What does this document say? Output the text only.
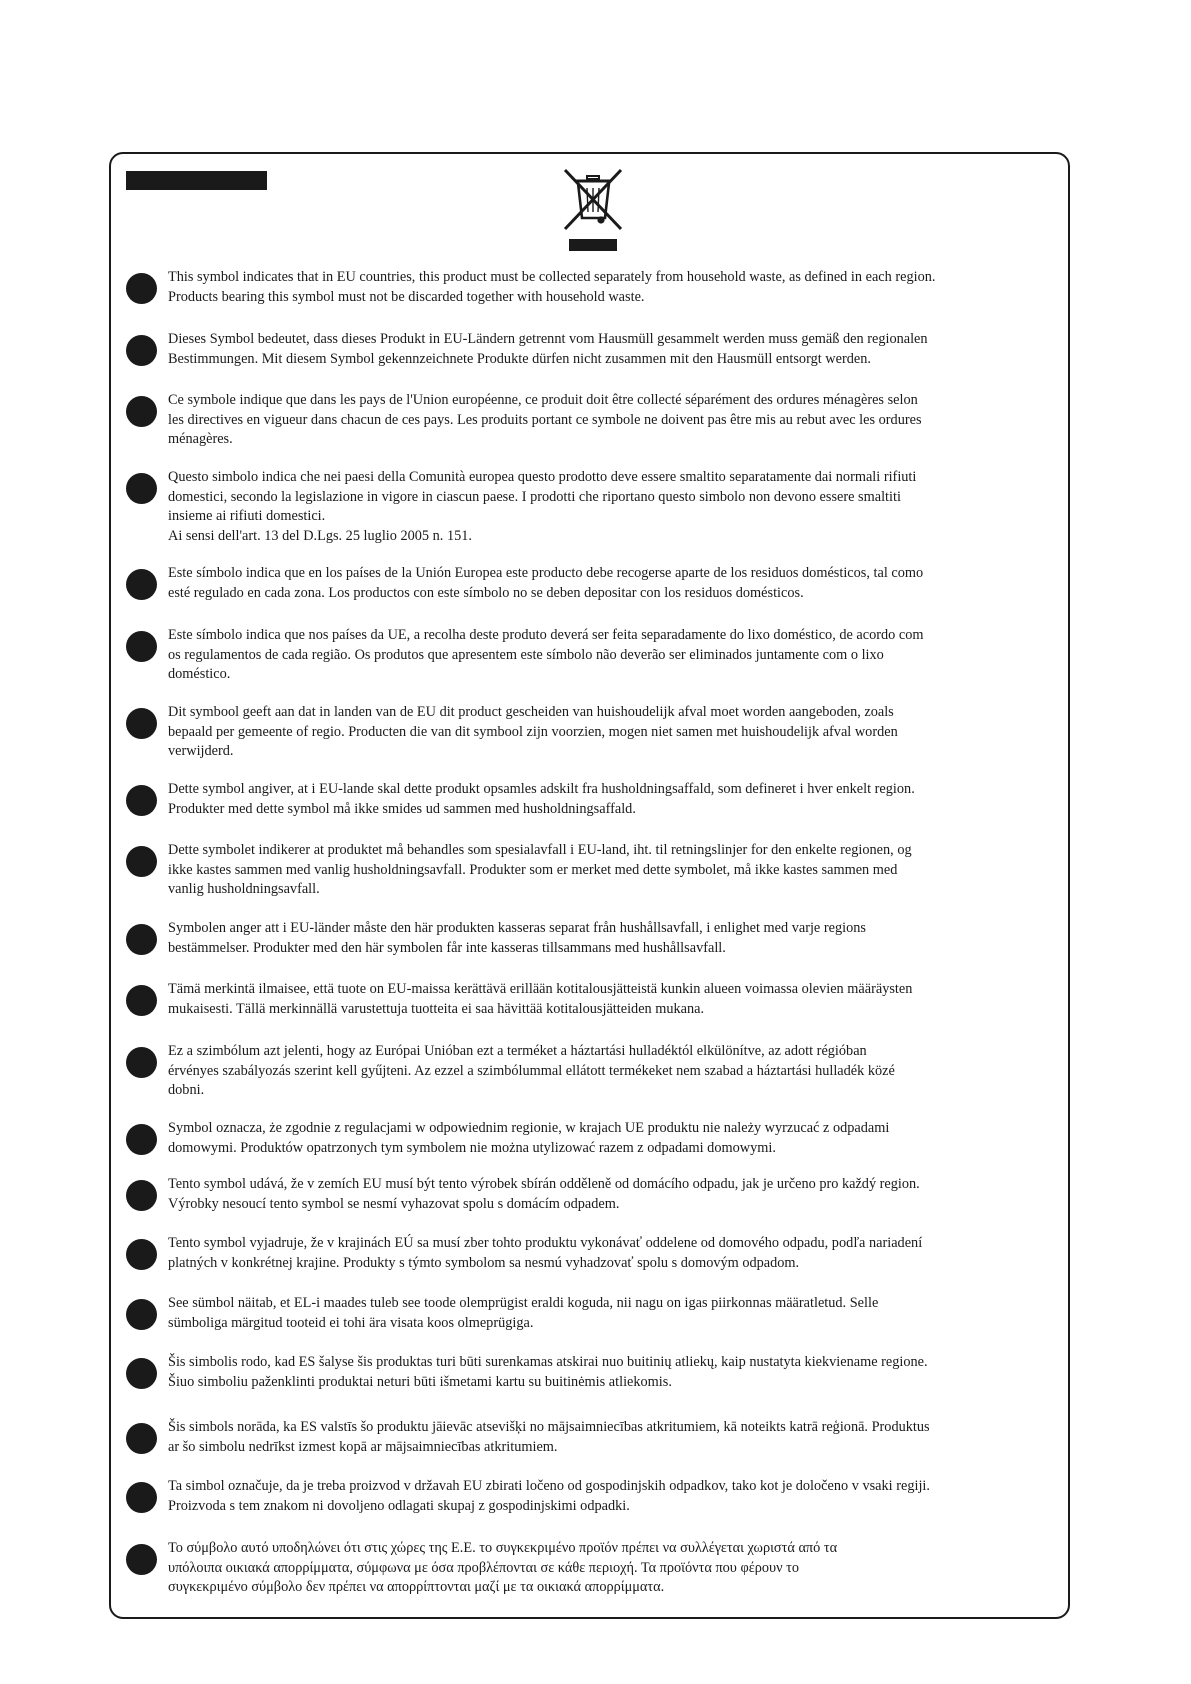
This symbol indicates that in EU countries, this product must be collected separately from household waste, as defined in each region.
Products bearing this symbol must not be discarded together with household waste.
Dieses Symbol bedeutet, dass dieses Produkt in EU-Ländern getrennt vom Hausmüll gesammelt werden muss gemäß den regionalen
Bestimmungen. Mit diesem Symbol gekennzeichnete Produkte dürfen nicht zusammen mit den Hausmüll entsorgt werden.
Ce symbole indique que dans les pays de l'Union européenne, ce produit doit être collecté séparément des ordures ménagères selon
les directives en vigueur dans chacun de ces pays. Les produits portant ce symbole ne doivent pas être mis au rebut avec les ordures
ménagères.
Questo simbolo indica che nei paesi della Comunità europea questo prodotto deve essere smaltito separatamente dai normali rifiuti
domestici, secondo la legislazione in vigore in ciascun paese. I prodotti che riportano questo simbolo non devono essere smaltiti
insieme ai rifiuti domestici.
Ai sensi dell'art. 13 del D.Lgs. 25 luglio 2005 n. 151.
Este símbolo indica que en los países de la Unión Europea este producto debe recogerse aparte de los residuos domésticos, tal como
esté regulado en cada zona. Los productos con este símbolo no se deben depositar con los residuos domésticos.
Este símbolo indica que nos países da UE, a recolha deste produto deverá ser feita separadamente do lixo doméstico, de acordo com
os regulamentos de cada região. Os produtos que apresentem este símbolo não deverão ser eliminados juntamente com o lixo
doméstico.
Dit symbool geeft aan dat in landen van de EU dit product gescheiden van huishoudelijk afval moet worden aangeboden, zoals
bepaald per gemeente of regio. Producten die van dit symbool zijn voorzien, mogen niet samen met huishoudelijk afval worden
verwijderd.
Dette symbol angiver, at i EU-lande skal dette produkt opsamles adskilt fra husholdningsaffald, som defineret i hver enkelt region.
Produkter med dette symbol må ikke smides ud sammen med husholdningsaffald.
Dette symbolet indikerer at produktet må behandles som spesialavfall i EU-land, iht. til retningslinjer for den enkelte regionen, og
ikke kastes sammen med vanlig husholdningsavfall. Produkter som er merket med dette symbolet, må ikke kastes sammen med
vanlig husholdningsavfall.
Symbolen anger att i EU-länder måste den här produkten kasseras separat från hushållsavfall, i enlighet med varje regions
bestämmelser. Produkter med den här symbolen får inte kasseras tillsammans med hushållsavfall.
Tämä merkintä ilmaisee, että tuote on EU-maissa kerättävä erillään kotitalousjätteistä kunkin alueen voimassa olevien määräysten
mukaisesti. Tällä merkinnällä varustettuja tuotteita ei saa hävittää kotitalousjätteiden mukana.
Ez a szimbólum azt jelenti, hogy az Európai Unióban ezt a terméket a háztartási hulladéktól elkülönítve, az adott régióban
érvényes szabályozás szerint kell gyűjteni. Az ezzel a szimbólummal ellátott termékeket nem szabad a háztartási hulladék közé
dobni.
Symbol oznacza, że zgodnie z regulacjami w odpowiednim regionie, w krajach UE produktu nie należy wyrzucać z odpadami
domowymi. Produktów opatrzonych tym symbolem nie można utylizować razem z odpadami domowymi.
Tento symbol udává, že v zemích EU musí být tento výrobek sbírán odděleně od domácího odpadu, jak je určeno pro každý region.
Výrobky nesoucí tento symbol se nesmí vyhazovat spolu s domácím odpadem.
Tento symbol vyjadruje, že v krajinách EÚ sa musí zber tohto produktu vykonávať oddelene od domového odpadu, podľa nariadení
platných v konkrétnej krajine. Produkty s týmto symbolom sa nesmú vyhadzovať spolu s domovým odpadom.
See sümbol näitab, et EL-i maades tuleb see toode olemprügist eraldi koguda, nii nagu on igas piirkonnas määratletud. Selle
sümboliga märgitud tooteid ei tohi ära visata koos olmeprügiga.
Šis simbolis rodo, kad ES šalyse šis produktas turi būti surenkamas atskirai nuo buitinių atliekų, kaip nustatyta kiekviename regione.
Šiuo simboliu paženklinti produktai neturi būti išmetami kartu su buitinėmis atliekomis.
Šis simbols norāda, ka ES valstīs šo produktu jāievāc atsevišķi no mājsaimniecības atkritumiem, kā noteikts katrā reģionā. Produktus
ar šo simbolu nedrīkst izmest kopā ar mājsaimniecības atkritumiem.
Ta simbol označuje, da je treba proizvod v državah EU zbirati ločeno od gospodinjskih odpadkov, tako kot je določeno v vsaki regiji.
Proizvoda s tem znakom ni dovoljeno odlagati skupaj z gospodinjskimi odpadki.
Το σύμβολο αυτό υποδηλώνει ότι στις χώρες της Ε.Ε. το συγκεκριμένο προϊόν πρέπει να συλλέγεται χωριστά από τα
υπόλοιπα οικιακά απορρίμματα, σύμφωνα με όσα προβλέπονται σε κάθε περιοχή. Τα προϊόντα που φέρουν το
συγκεκριμένο σύμβολο δεν πρέπει να απορρίπτονται μαζί με τα οικιακά απορρίμματα.
